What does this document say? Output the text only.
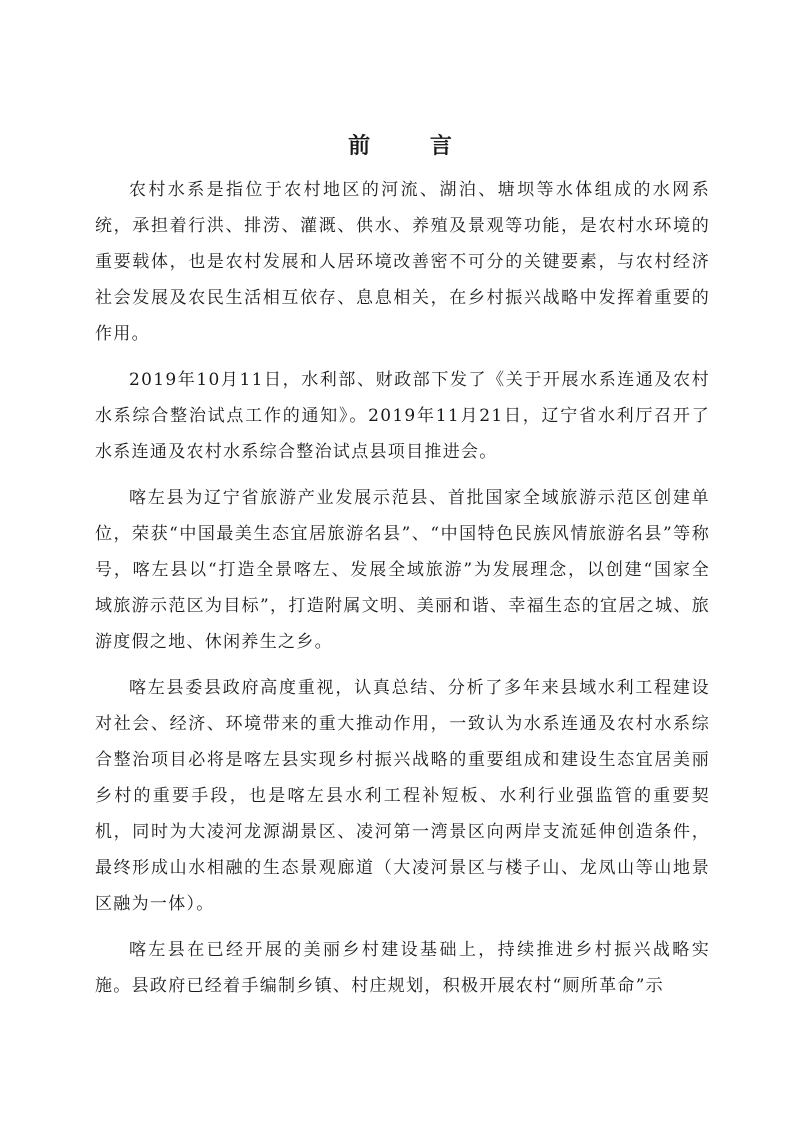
前 言

农村水系是指位于农村地区的河流、湖泊、塘坝等水体组成的水网系统，承担着行洪、排涝、灌溉、供水、养殖及景观等功能，是农村水环境的重要载体，也是农村发展和人居环境改善密不可分的关键要素，与农村经济社会发展及农民生活相互依存、息息相关，在乡村振兴战略中发挥着重要的作用。

2019年10月11日，水利部、财政部下发了《关于开展水系连通及农村水系综合整治试点工作的通知》。2019年11月21日，辽宁省水利厅召开了水系连通及农村水系综合整治试点县项目推进会。

喀左县为辽宁省旅游产业发展示范县、首批国家全域旅游示范区创建单位，荣获“中国最美生态宜居旅游名县”、“中国特色民族风情旅游名县”等称号，喀左县以“打造全景喀左、发展全域旅游”为发展理念，以创建“国家全域旅游示范区为目标”，打造附属文明、美丽和谐、幸福生态的宜居之城、旅游度假之地、休闲养生之乡。

喀左县委县政府高度重视，认真总结、分析了多年来县域水利工程建设对社会、经济、环境带来的重大推动作用，一致认为水系连通及农村水系综合整治项目必将是喀左县实现乡村振兴战略的重要组成和建设生态宜居美丽乡村的重要手段，也是喀左县水利工程补短板、水利行业强监管的重要契机，同时为大凌河龙源湖景区、凌河第一湾景区向两岸支流延伸创造条件，最终形成山水相融的生态景观廊道（大凌河景区与楼子山、龙凤山等山地景区融为一体）。

喀左县在已经开展的美丽乡村建设基础上，持续推进乡村振兴战略实施。县政府已经着手编制乡镇、村庄规划，积极开展农村“厕所革命”示
